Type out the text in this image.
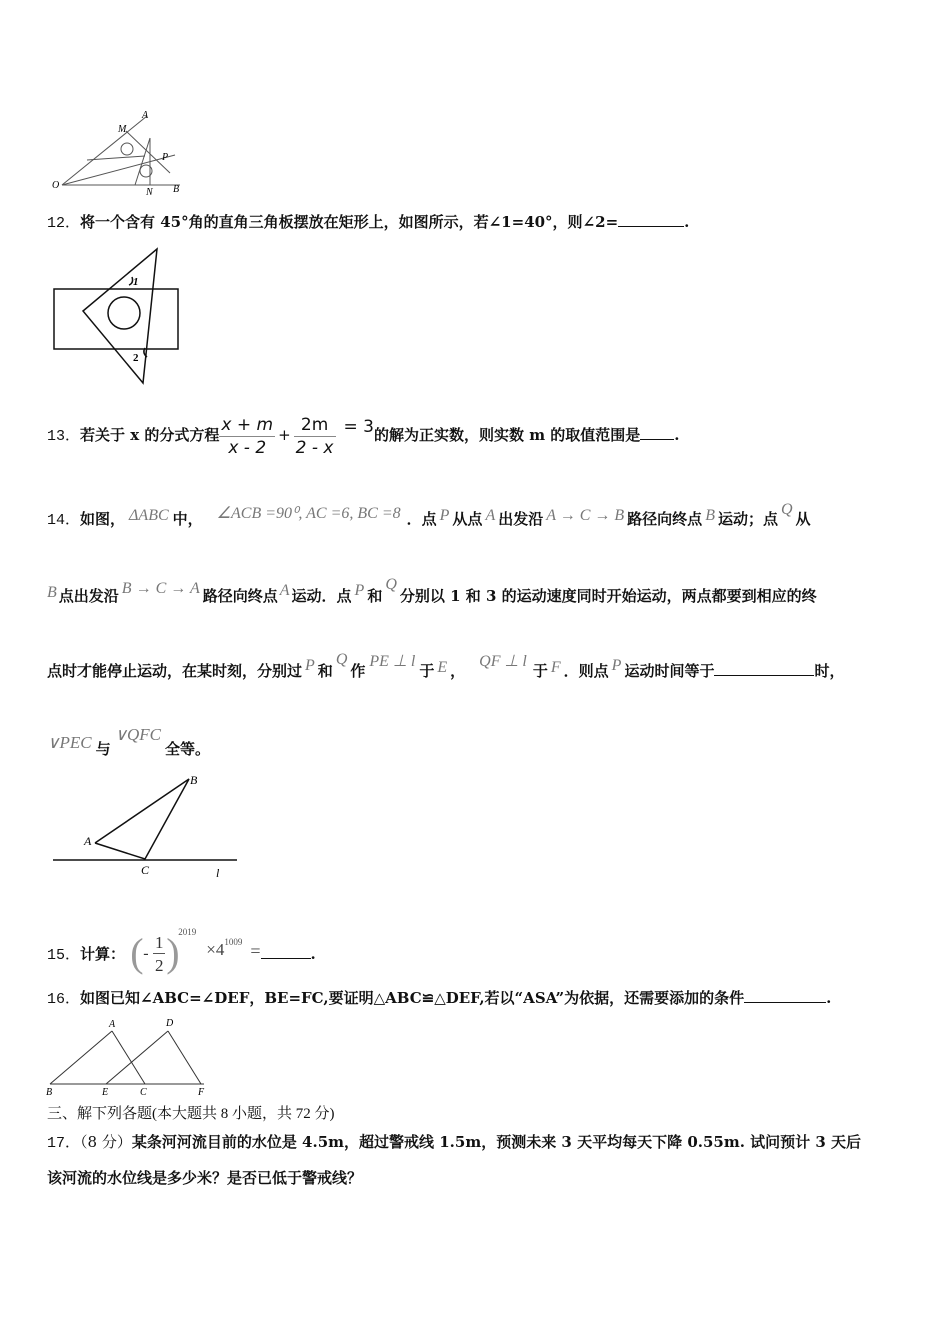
O
M
A
P
N B
12．将一个含有 45°角的直角三角板摆放在矩形上，如图所示，若∠1=40°，则∠2=	.
1
2
13．若关于 x 的分式方程 $\frac{x + m}{x - 2} + \frac{2m}{2 - x} = 3$的解为正实数，则实数 m 的取值范围是 .
14．如图， ΔABC 中， ∠ACB =90⁰, AC =6, BC =8 ．点 P 从点 A 出发沿 A → C → B 路径向终点 B 运动；点Q从
B 点出发沿 B → C → A 路径向终点 A 运动．点 P 和Q分别以 1 和 3 的运动速度同时开始运动，两点都要到相应的终
点时才能停止运动，在某时刻，分别过 P 和Q作PE ⊥ l于 E ，QF ⊥ l于 F ．则点 P 运动时间等于	时，
∨PEC 与∨QFC全等。
A
B
C	l
15．计算： ( -
1
2 )
$^{2019}\times 4^{1009}$ =	.
16．如图已知∠ABC=∠DEF，BE=FC,要证明△ABC≌△DEF,若以“ASA”为依据，还需要添加的条件	.
A	D
B	E	C	F
三、解下列各题(本大题共 8 小题，共 72 分)
17．（8 分）某条河河流目前的水位是 4.5m，超过警戒线 1.5m，预测未来 3 天平均每天下降 0.55m. 试问预计 3 天后
该河流的水位线是多少米？是否已低于警戒线？
